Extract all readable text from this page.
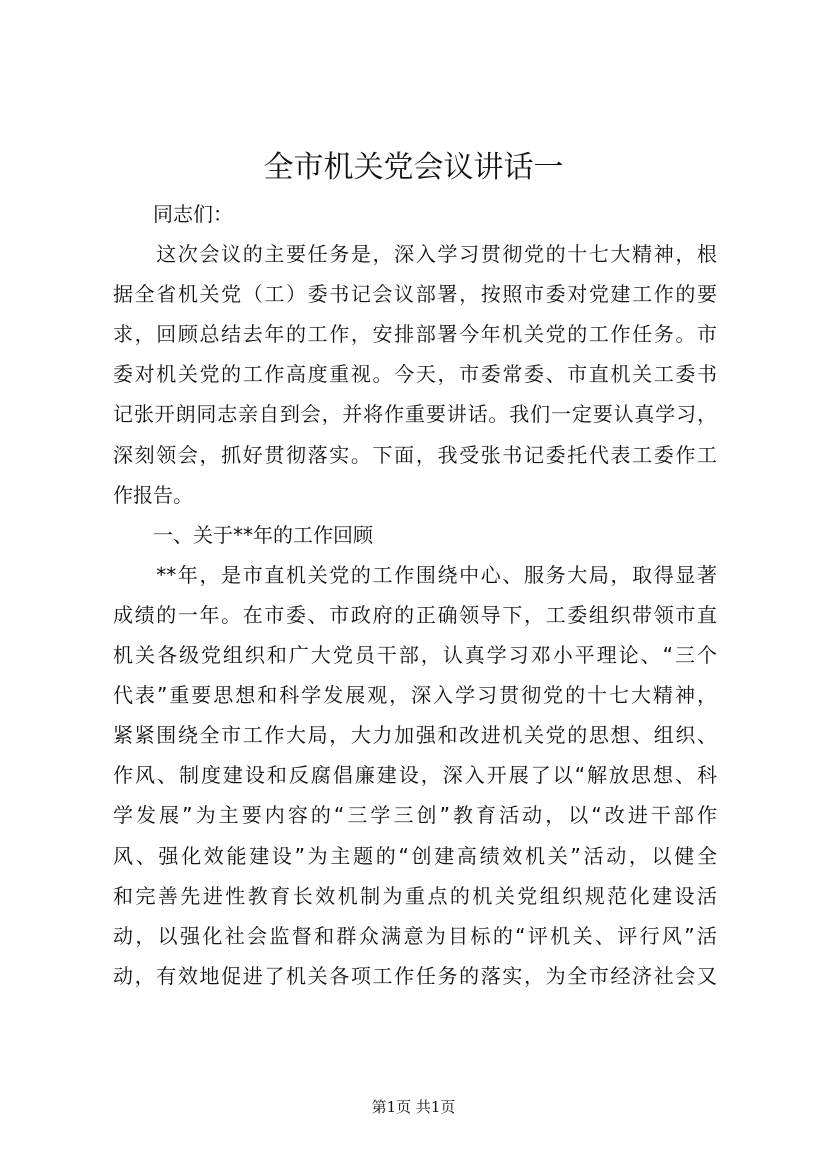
全市机关党会议讲话一
　　同志们：
　　这次会议的主要任务是，深入学习贯彻党的十七大精神，根
据全省机关党（工）委书记会议部署，按照市委对党建工作的要
求，回顾总结去年的工作，安排部署今年机关党的工作任务。市
委对机关党的工作高度重视。今天，市委常委、市直机关工委书
记张开朗同志亲自到会，并将作重要讲话。我们一定要认真学习，
深刻领会，抓好贯彻落实。下面，我受张书记委托代表工委作工
作报告。
　　一、关于**年的工作回顾
　　**年，是市直机关党的工作围绕中心、服务大局，取得显著
成绩的一年。在市委、市政府的正确领导下，工委组织带领市直
机关各级党组织和广大党员干部，认真学习邓小平理论、“三个
代表”重要思想和科学发展观，深入学习贯彻党的十七大精神，
紧紧围绕全市工作大局，大力加强和改进机关党的思想、组织、
作风、制度建设和反腐倡廉建设，深入开展了以“解放思想、科
学发展”为主要内容的“三学三创”教育活动，以“改进干部作
风、强化效能建设”为主题的“创建高绩效机关”活动，以健全
和完善先进性教育长效机制为重点的机关党组织规范化建设活
动，以强化社会监督和群众满意为目标的“评机关、评行风”活
动，有效地促进了机关各项工作任务的落实，为全市经济社会又
第1页 共1页
